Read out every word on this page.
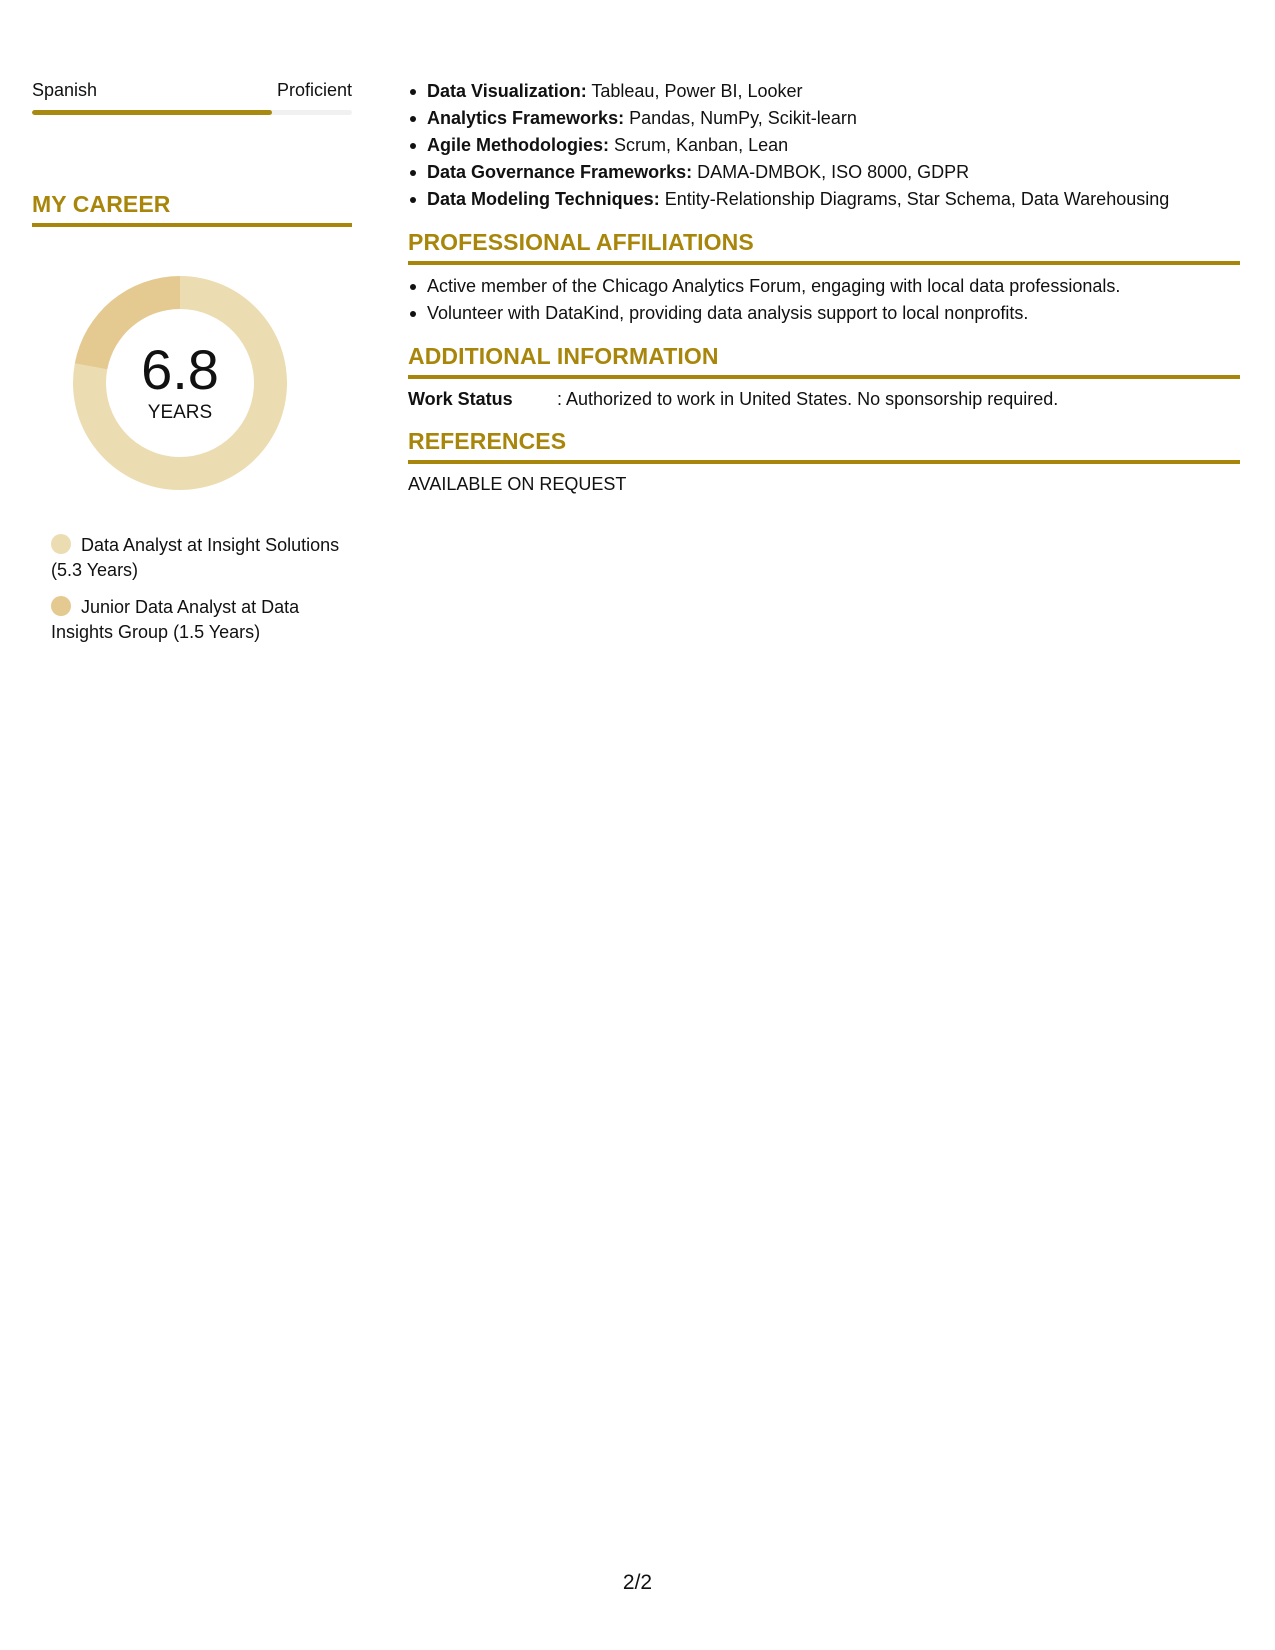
Spanish	Proficient
MY CAREER
6.8
YEARS
Data Analyst at Insight Solutions (5.3 Years)
Junior Data Analyst at Data Insights Group (1.5 Years)
Data Visualization: Tableau, Power BI, Looker
Analytics Frameworks: Pandas, NumPy, Scikit-learn
Agile Methodologies: Scrum, Kanban, Lean
Data Governance Frameworks: DAMA-DMBOK, ISO 8000, GDPR
Data Modeling Techniques: Entity-Relationship Diagrams, Star Schema, Data Warehousing
PROFESSIONAL AFFILIATIONS
Active member of the Chicago Analytics Forum, engaging with local data professionals.
Volunteer with DataKind, providing data analysis support to local nonprofits.
ADDITIONAL INFORMATION
Work Status	: Authorized to work in United States. No sponsorship required.
REFERENCES
AVAILABLE ON REQUEST
2/2
